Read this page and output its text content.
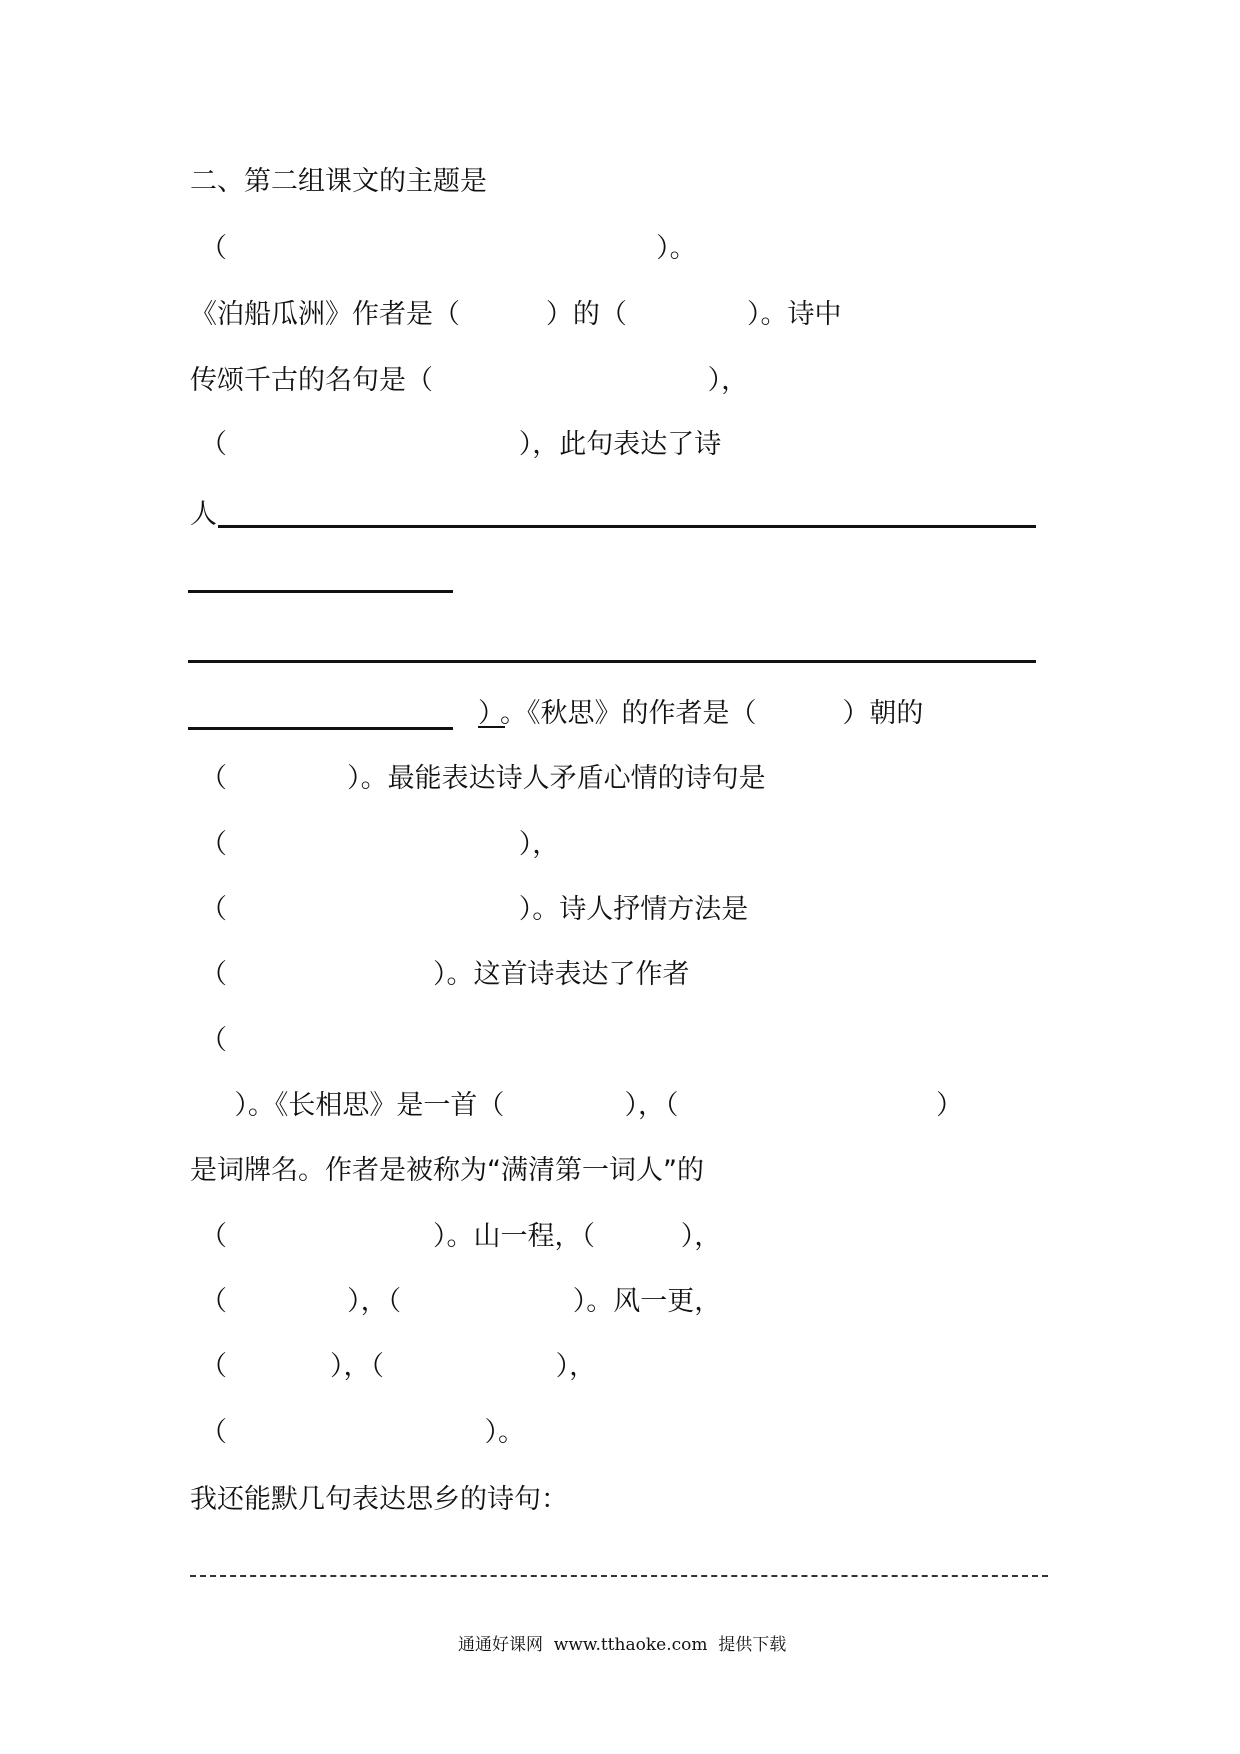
二、第二组课文的主题是
（                                                  ）。
《泊船瓜洲》作者是（          ）的（              ）。诗中
传颂千古的名句是（                                ），
（                                  ），此句表达了诗
人
）
。《秋思》的作者是（          ）朝的
（              ）。最能表达诗人矛盾心情的诗句是
（                                  ），
（                                  ）。诗人抒情方法是
（                        ）。这首诗表达了作者
（
）。《长相思》是一首（              ），（                              ）
是词牌名。作者是被称为“满清第一词人”的
（                        ）。山一程，（          ），
（              ），（                    ）。风一更，
（            ），（                    ），
（                              ）。
我还能默几句表达思乡的诗句：
通通好课网  www.tthaoke.com  提供下载
